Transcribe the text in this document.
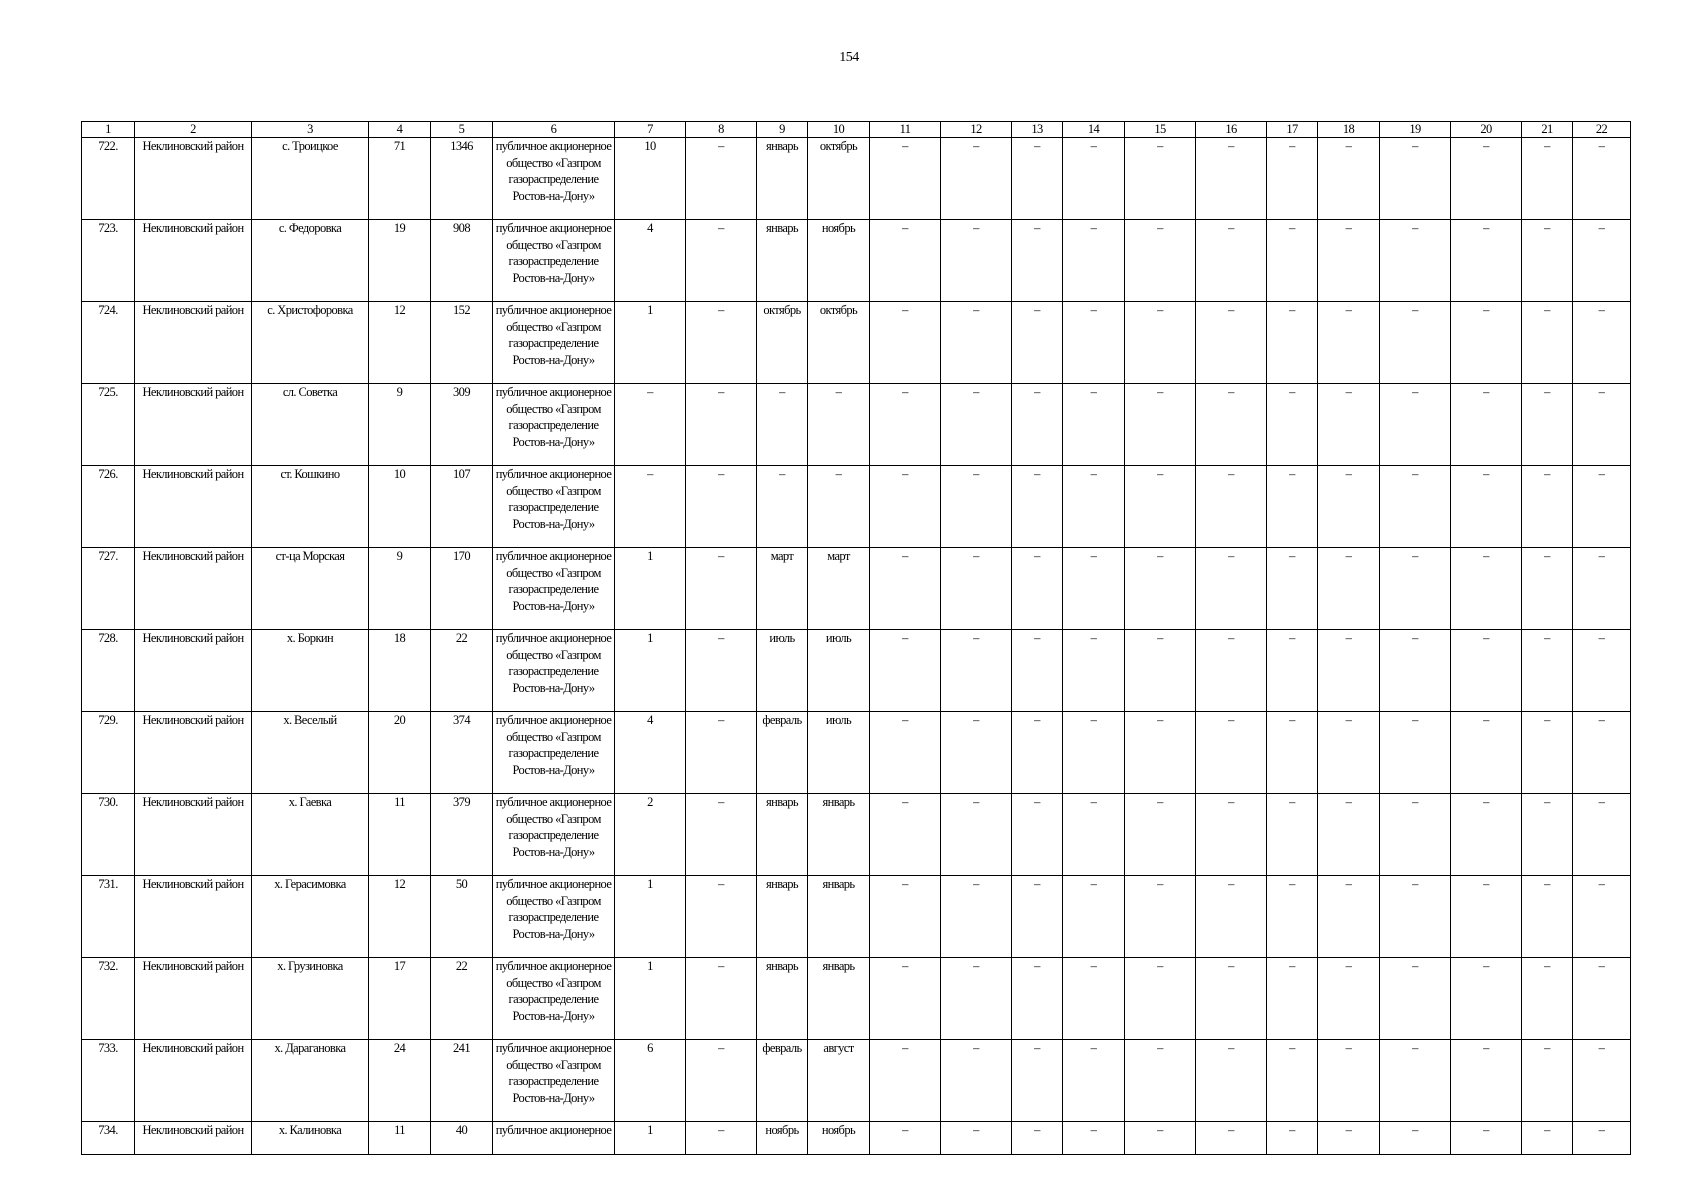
154
1	2	3	4	5	6	7	8	9	10	11	12	13	14	15	16	17	18	19	20	21	22
722.	Неклиновский район	с. Троицкое	71	1346	публичное акционерное общество «Газпром газораспределение Ростов-на-Дону»	10	–	январь	октябрь	–	–	–	–	–	–	–	–	–	–	–	–
723.	Неклиновский район	с. Федоровка	19	908	публичное акционерное общество «Газпром газораспределение Ростов-на-Дону»	4	–	январь	ноябрь	–	–	–	–	–	–	–	–	–	–	–	–
724.	Неклиновский район	с. Христофоровка	12	152	публичное акционерное общество «Газпром газораспределение Ростов-на-Дону»	1	–	октябрь	октябрь	–	–	–	–	–	–	–	–	–	–	–	–
725.	Неклиновский район	сл. Советка	9	309	публичное акционерное общество «Газпром газораспределение Ростов-на-Дону»	–	–	–	–	–	–	–	–	–	–	–	–	–	–	–	–
726.	Неклиновский район	ст. Кошкино	10	107	публичное акционерное общество «Газпром газораспределение Ростов-на-Дону»	–	–	–	–	–	–	–	–	–	–	–	–	–	–	–	–
727.	Неклиновский район	ст-ца Морская	9	170	публичное акционерное общество «Газпром газораспределение Ростов-на-Дону»	1	–	март	март	–	–	–	–	–	–	–	–	–	–	–	–
728.	Неклиновский район	х. Боркин	18	22	публичное акционерное общество «Газпром газораспределение Ростов-на-Дону»	1	–	июль	июль	–	–	–	–	–	–	–	–	–	–	–	–
729.	Неклиновский район	х. Веселый	20	374	публичное акционерное общество «Газпром газораспределение Ростов-на-Дону»	4	–	февраль	июль	–	–	–	–	–	–	–	–	–	–	–	–
730.	Неклиновский район	х. Гаевка	11	379	публичное акционерное общество «Газпром газораспределение Ростов-на-Дону»	2	–	январь	январь	–	–	–	–	–	–	–	–	–	–	–	–
731.	Неклиновский район	х. Герасимовка	12	50	публичное акционерное общество «Газпром газораспределение Ростов-на-Дону»	1	–	январь	январь	–	–	–	–	–	–	–	–	–	–	–	–
732.	Неклиновский район	х. Грузиновка	17	22	публичное акционерное общество «Газпром газораспределение Ростов-на-Дону»	1	–	январь	январь	–	–	–	–	–	–	–	–	–	–	–	–
733.	Неклиновский район	х. Дарагановка	24	241	публичное акционерное общество «Газпром газораспределение Ростов-на-Дону»	6	–	февраль	август	–	–	–	–	–	–	–	–	–	–	–	–
734.	Неклиновский район	х. Калиновка	11	40	публичное акционерное	1	–	ноябрь	ноябрь	–	–	–	–	–	–	–	–	–	–	–	–
